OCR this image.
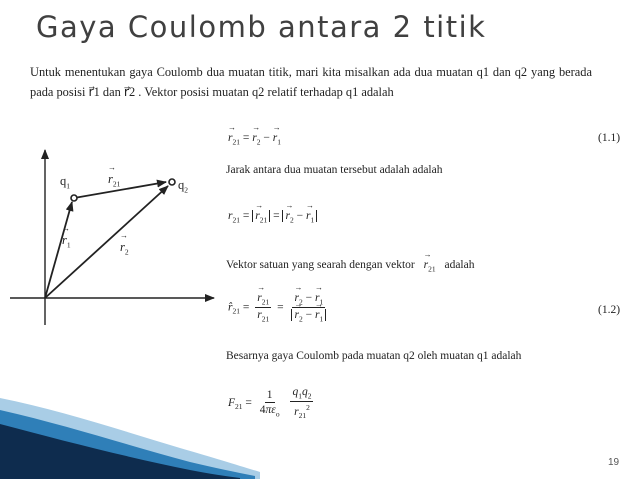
Gaya Coulomb antara 2 titik
Untuk menentukan gaya Coulomb dua muatan titik, mari kita misalkan ada dua muatan q1 dan q2 yang berada pada posisi r⃗1 dan r⃗2 . Vektor posisi muatan q2 relatif terhadap q1 adalah
$q_1$	$q_2$
→ $r_{21}$
→ $r_1$	→ $r_2$
→ $r_{21}$ = → $r_2$ − → $r_1$	(1.1)
Jarak antara dua muatan tersebut adalah adalah
$r_{21}$ = → $r_{21}$ = → $r_2$ − → $r_1$
Vektor satuan yang searah dengan vektor → $r_{21}$ adalah
$r̂_{21}$ = → $\frac{r_{21}}{r_{21}}$ = → $r_2$ − → $r_1$
→ $r_2$ − → $r_1$	(1.2)
Besarnya gaya Coulomb pada muatan q2 oleh muatan q1 adalah
$F_{21} = \frac{1}{4\pi\varepsilon_o}$
$\frac{q_1q_2}{r_{21}^2}$
19
